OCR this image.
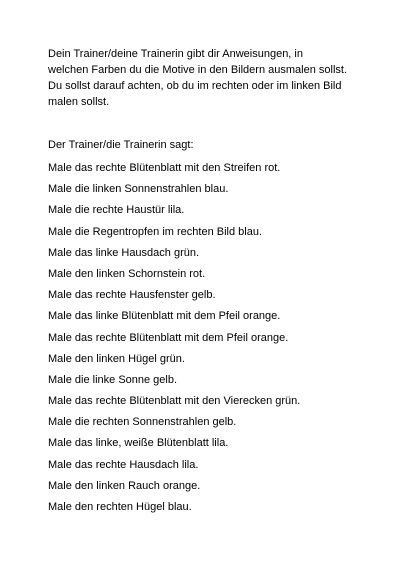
Dein Trainer/deine Trainerin gibt dir Anweisungen, in
welchen Farben du die Motive in den Bildern ausmalen sollst.
Du sollst darauf achten, ob du im rechten oder im linken Bild
malen sollst.

Der Trainer/die Trainerin sagt:

Male das rechte Blütenblatt mit den Streifen rot.
Male die linken Sonnenstrahlen blau.
Male die rechte Haustür lila.
Male die Regentropfen im rechten Bild blau.
Male das linke Hausdach grün.
Male den linken Schornstein rot.
Male das rechte Hausfenster gelb.
Male das linke Blütenblatt mit dem Pfeil orange.
Male das rechte Blütenblatt mit dem Pfeil orange.
Male den linken Hügel grün.
Male die linke Sonne gelb.
Male das rechte Blütenblatt mit den Vierecken grün.
Male die rechten Sonnenstrahlen gelb.
Male das linke, weiße Blütenblatt lila.
Male das rechte Hausdach lila.
Male den linken Rauch orange.
Male den rechten Hügel blau.
